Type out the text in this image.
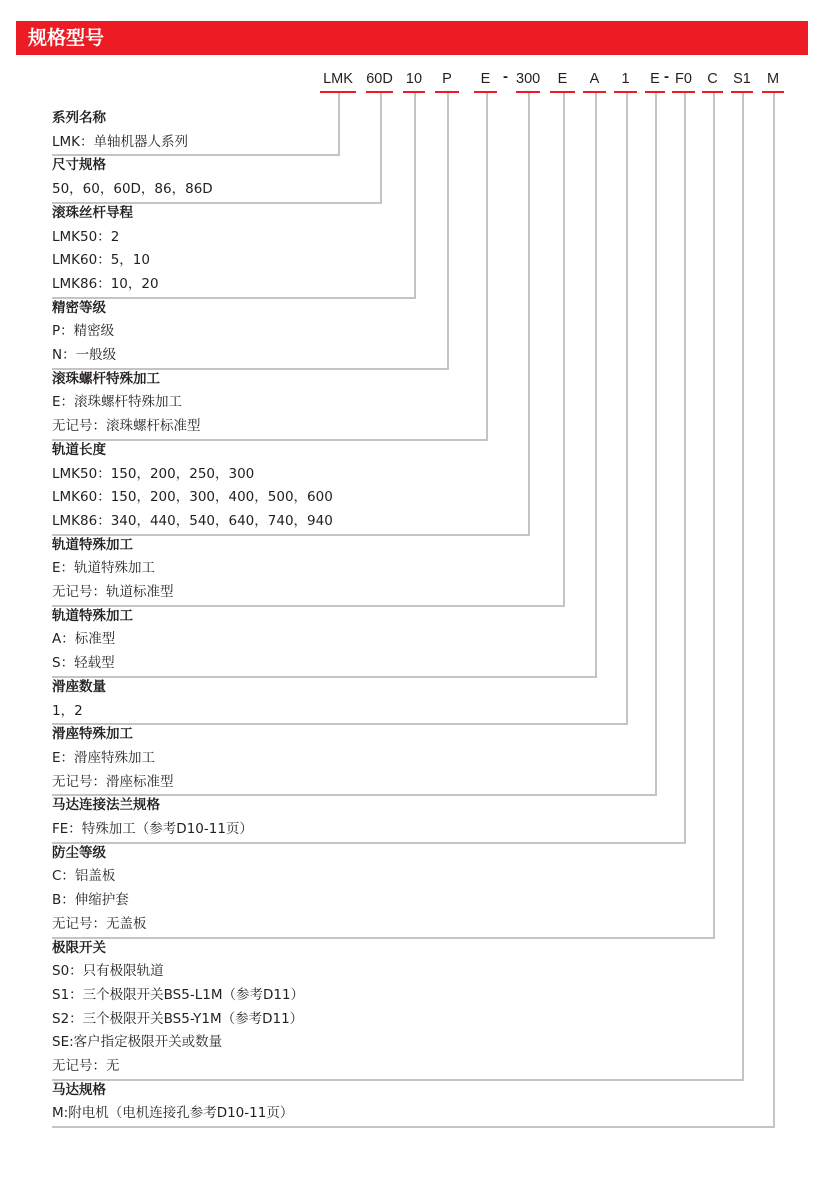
规格型号
LMK 60D 10	P	E	300	E	A	1	E	F0	C	S1	M
-	-
系列名称
LMK：单轴机器人系列
尺寸规格
50，60，60D，86，86D
滚珠丝杆导程
LMK50：2
LMK60：5，10
LMK86：10，20
精密等级
P：精密级
N：一般级
滚珠螺杆特殊加工
E：滚珠螺杆特殊加工
无记号：滚珠螺杆标准型
轨道长度
LMK50：150，200，250，300
LMK60：150，200，300，400，500，600
LMK86：340，440，540，640，740，940
轨道特殊加工
E：轨道特殊加工
无记号：轨道标准型
轨道特殊加工
A：标准型
S：轻载型
滑座数量
1，2
滑座特殊加工
E：滑座特殊加工
无记号：滑座标准型
马达连接法兰规格
FE：特殊加工（参考D10-11页）
防尘等级
C：铝盖板
B：伸缩护套
无记号：无盖板
极限开关
S0：只有极限轨道
S1：三个极限开关BS5-L1M（参考D11）
S2：三个极限开关BS5-Y1M（参考D11）
SE:客户指定极限开关或数量
无记号：无
马达规格
M:附电机（电机连接孔参考D10-11页）
